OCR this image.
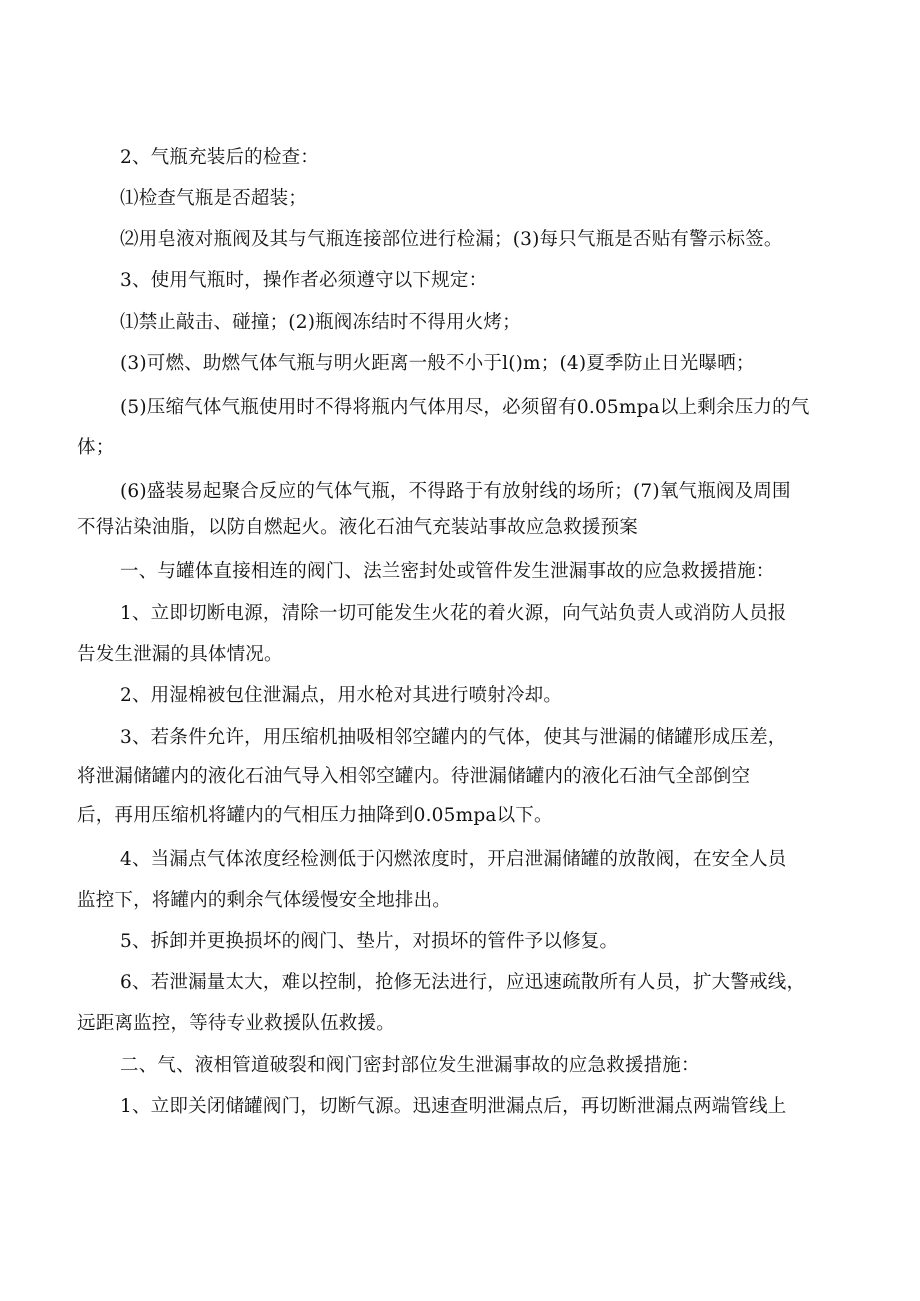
2、气瓶充装后的检查：
⑴检查气瓶是否超装；
⑵用皂液对瓶阀及其与气瓶连接部位进行检漏；(3)每只气瓶是否贴有警示标签。
3、使用气瓶时，操作者必须遵守以下规定：
⑴禁止敲击、碰撞；(2)瓶阀冻结时不得用火烤；
(3)可燃、助燃气体气瓶与明火距离一般不小于l()m；(4)夏季防止日光曝晒；
(5)压缩气体气瓶使用时不得将瓶内气体用尽，必须留有0.05mpa以上剩余压力的气
体；
(6)盛装易起聚合反应的气体气瓶，不得路于有放射线的场所；(7)氧气瓶阀及周围
不得沾染油脂，以防自燃起火。液化石油气充装站事故应急救援预案
一、与罐体直接相连的阀门、法兰密封处或管件发生泄漏事故的应急救援措施：
1、立即切断电源，清除一切可能发生火花的着火源，向气站负责人或消防人员报
告发生泄漏的具体情况。
2、用湿棉被包住泄漏点，用水枪对其进行喷射冷却。
3、若条件允许，用压缩机抽吸相邻空罐内的气体，使其与泄漏的储罐形成压差，
将泄漏储罐内的液化石油气导入相邻空罐内。待泄漏储罐内的液化石油气全部倒空
后，再用压缩机将罐内的气相压力抽降到0.05mpa以下。
4、当漏点气体浓度经检测低于闪燃浓度时，开启泄漏储罐的放散阀，在安全人员
监控下，将罐内的剩余气体缓慢安全地排出。
5、拆卸并更换损坏的阀门、垫片，对损坏的管件予以修复。
6、若泄漏量太大，难以控制，抢修无法进行，应迅速疏散所有人员，扩大警戒线，
远距离监控，等待专业救援队伍救援。
二、气、液相管道破裂和阀门密封部位发生泄漏事故的应急救援措施：
1、立即关闭储罐阀门，切断气源。迅速查明泄漏点后，再切断泄漏点两端管线上
